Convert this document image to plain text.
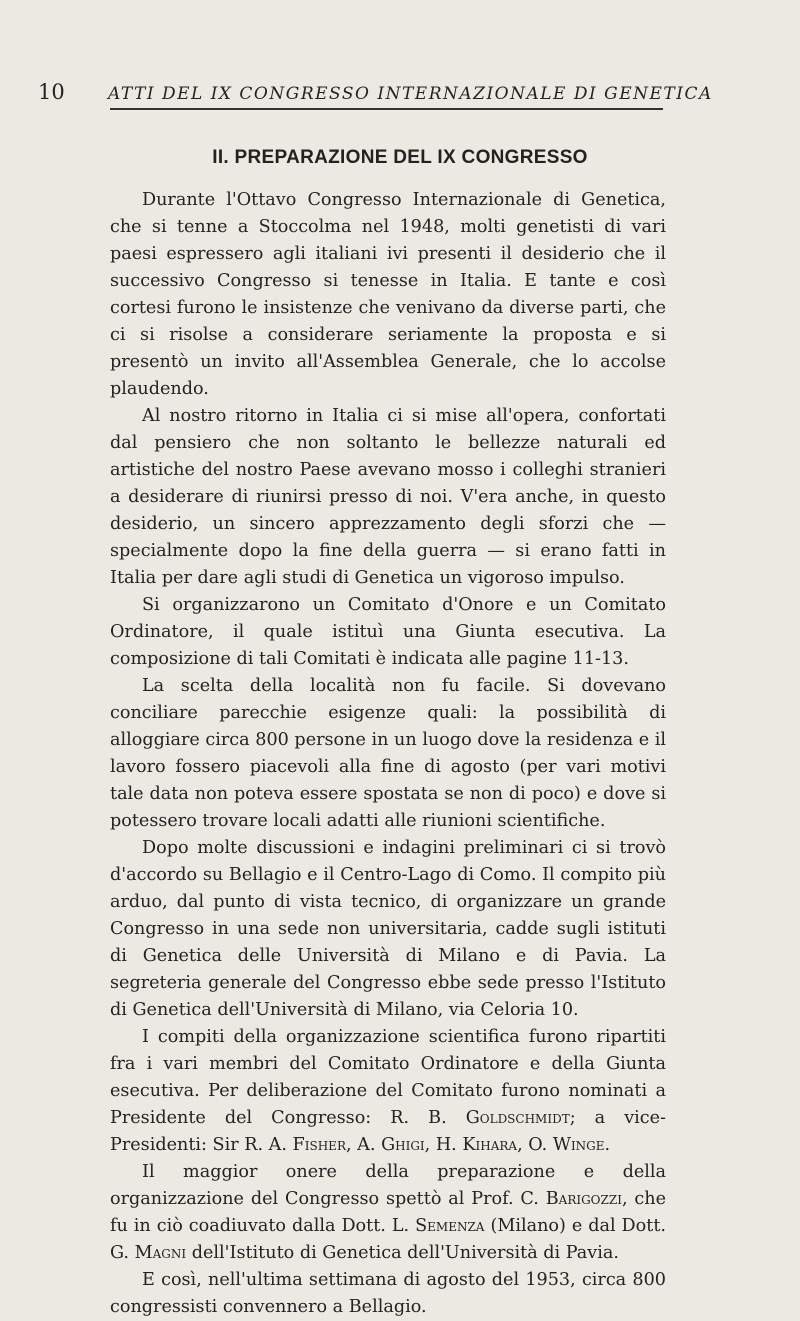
10	ATTI DEL IX CONGRESSO INTERNAZIONALE DI GENETICA
II. PREPARAZIONE DEL IX CONGRESSO

Durante l'Ottavo Congresso Internazionale di Genetica, che si tenne a Stoccolma nel 1948, molti genetisti di vari paesi espressero agli italiani ivi presenti il desiderio che il successivo Congresso si tenesse in Italia. E tante e così cortesi furono le insistenze che venivano da diverse parti, che ci si risolse a considerare seriamente la proposta e si presentò un invito all'Assemblea Generale, che lo accolse plaudendo.

Al nostro ritorno in Italia ci si mise all'opera, confortati dal pensiero che non soltanto le bellezze naturali ed artistiche del nostro Paese avevano mosso i colleghi stranieri a desiderare di riunirsi presso di noi. V'era anche, in questo desiderio, un sincero apprezzamento degli sforzi che — specialmente dopo la fine della guerra — si erano fatti in Italia per dare agli studi di Genetica un vigoroso impulso.

Si organizzarono un Comitato d'Onore e un Comitato Ordinatore, il quale istituì una Giunta esecutiva. La composizione di tali Comitati è indicata alle pagine 11-13.

La scelta della località non fu facile. Si dovevano conciliare parecchie esigenze quali: la possibilità di alloggiare circa 800 persone in un luogo dove la residenza e il lavoro fossero piacevoli alla fine di agosto (per vari motivi tale data non poteva essere spostata se non di poco) e dove si potessero trovare locali adatti alle riunioni scientifiche.

Dopo molte discussioni e indagini preliminari ci si trovò d'accordo su Bellagio e il Centro-Lago di Como. Il compito più arduo, dal punto di vista tecnico, di organizzare un grande Congresso in una sede non universitaria, cadde sugli istituti di Genetica delle Università di Milano e di Pavia. La segreteria generale del Congresso ebbe sede presso l'Istituto di Genetica dell'Università di Milano, via Celoria 10.

I compiti della organizzazione scientifica furono ripartiti fra i vari membri del Comitato Ordinatore e della Giunta esecutiva. Per deliberazione del Comitato furono nominati a Presidente del Congresso: R. B. Goldschmidt; a vice-Presidenti: Sir R. A. Fisher, A. Ghigi, H. Kihara, O. Winge.

Il maggior onere della preparazione e della organizzazione del Congresso spettò al Prof. C. Barigozzi, che fu in ciò coadiuvato dalla Dott. L. Semenza (Milano) e dal Dott. G. Magni dell'Istituto di Genetica dell'Università di Pavia.

E così, nell'ultima settimana di agosto del 1953, circa 800 congressisti convennero a Bellagio.
